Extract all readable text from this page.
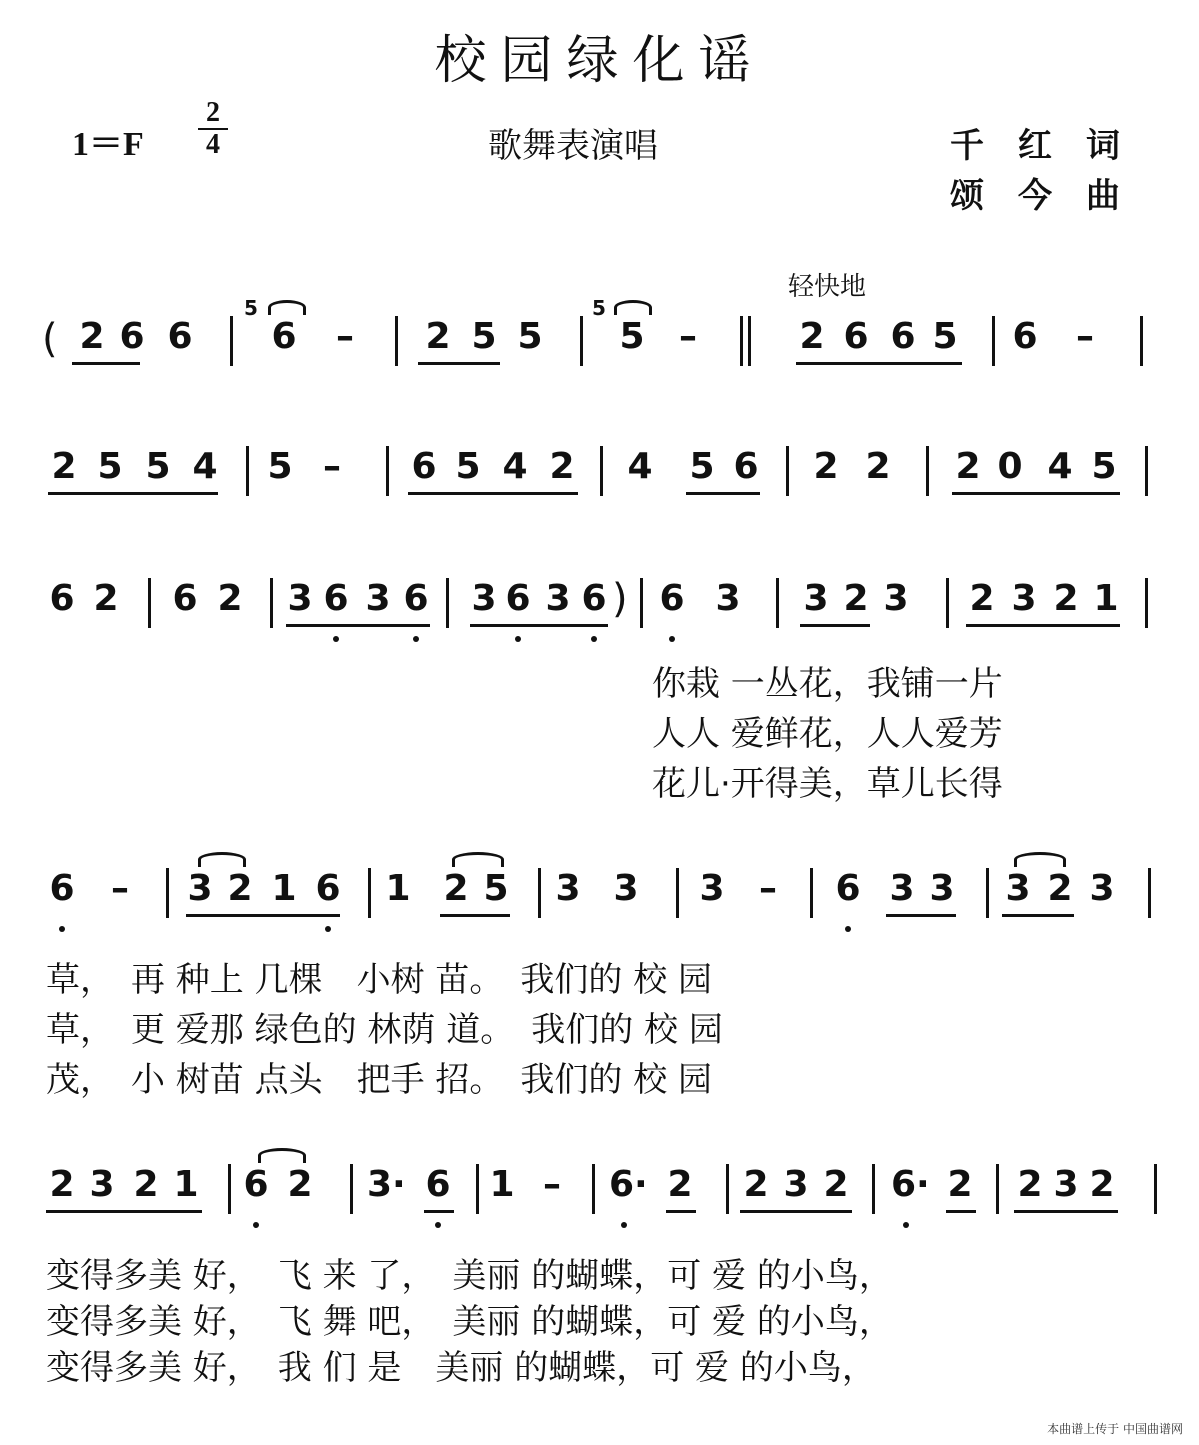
校园绿化谣
1＝F
2
4	歌舞表演唱	千红词
颂今曲
轻快地
2 6 6 6 – 2 5 5 5 –	2 6 6 5 6 –
5	5
(
2 5 5 4 5 – 6 5 4 2 4 5 6 2 2 2 0 4 5
6 2 6 2 3 6 3 6 3 6 3 6 6 3 3 2 3 2 3 2 1
)
6 – 3 2 1 6 1 2 5 3 3 3 – 6 3 3 3 2 3
2 3 2 1 6 2 3· 6 1 – 6· 2 2 3 2 6· 2 2 3 2
你栽 一丛花，我铺一片
人人 爱鲜花，人人爱芳
花儿·开得美，草儿长得
草，　再 种上 几棵　小树 苗。　我们的 校 园
草，　更 爱那 绿色的 林荫 道。　我们的 校 园
茂，　小 树苗 点头　把手 招。　我们的 校 园
变得多美 好，　飞 来 了，　美丽 的蝴蝶，可 爱 的小鸟，
变得多美 好，　飞 舞 吧，　美丽 的蝴蝶，可 爱 的小鸟，
变得多美 好，　我 们 是　美丽 的蝴蝶，可 爱 的小鸟，
本曲谱上传于 中国曲谱网
